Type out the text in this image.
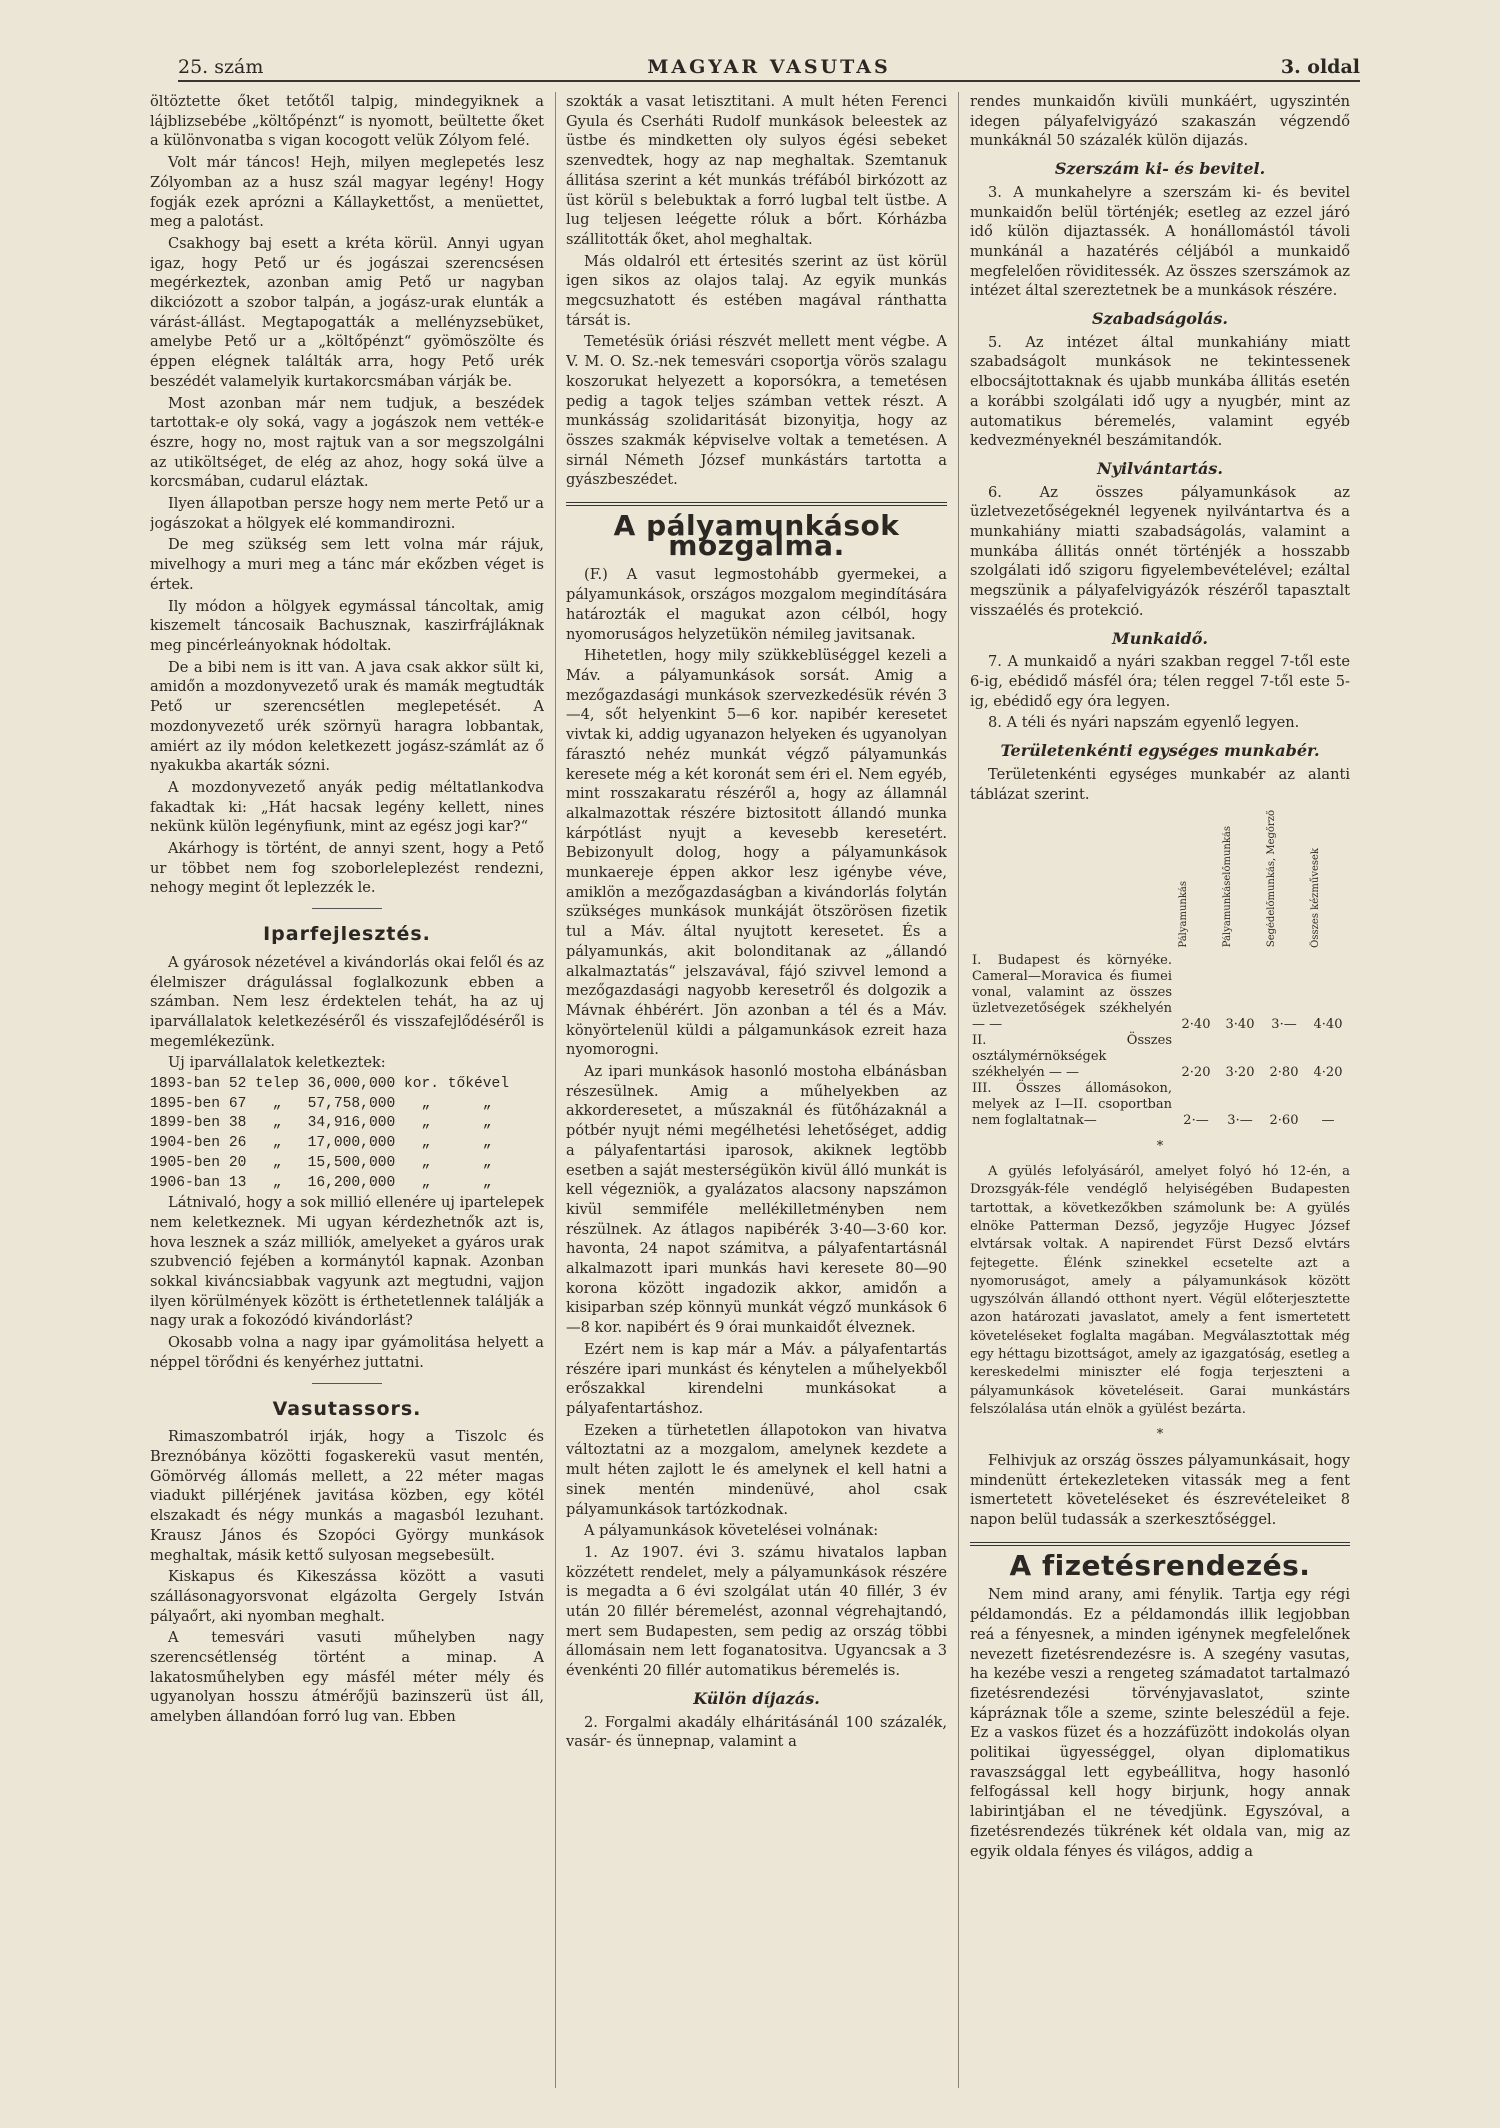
25. szám	MAGYAR VASUTAS	3. oldal

öltöztette őket tetőtől talpig, mindegyiknek a lájblizsebébe „költőpénzt“ is nyomott, beültette őket a különvonatba s vigan kocogott velük Zólyom felé.

Volt már táncos! Hejh, milyen meglepetés lesz Zólyomban az a husz szál magyar legény! Hogy fogják ezek aprózni a Kállaykettőst, a menüettet, meg a palotást.

Csakhogy baj esett a kréta körül. Annyi ugyan igaz, hogy Pető ur és jogászai szerencsésen megérkeztek, azonban amig Pető ur nagyban dikciózott a szobor talpán, a jogász-urak elunták a várást-állást. Megtapogatták a mellényzsebüket, amelybe Pető ur a „költőpénzt“ gyömöszölte és éppen elégnek találták arra, hogy Pető urék beszédét valamelyik kurtakorcsmában várják be.

Most azonban már nem tudjuk, a beszédek tartottak-e oly soká, vagy a jogászok nem vették-e észre, hogy no, most rajtuk van a sor megszolgálni az utiköltséget, de elég az ahoz, hogy soká ülve a korcsmában, cudarul eláztak.

Ilyen állapotban persze hogy nem merte Pető ur a jogászokat a hölgyek elé kommandirozni.

De meg szükség sem lett volna már rájuk, mivelhogy a muri meg a tánc már ekőzben véget is értek.

Ily módon a hölgyek egymással táncoltak, amig kiszemelt táncosaik Bachusznak, kaszirfrájláknak meg pincérleányoknak hódoltak.

De a bibi nem is itt van. A java csak akkor sült ki, amidőn a mozdonyvezető urak és mamák megtudták Pető ur szerencsétlen meglepetését. A mozdonyvezető urék szörnyü haragra lobbantak, amiért az ily módon keletkezett jogász-számlát az ő nyakukba akarták sózni.

A mozdonyvezető anyák pedig méltatlankodva fakadtak ki: „Hát hacsak legény kellett, nines nekünk külön legényfiunk, mint az egész jogi kar?“

Akárhogy is történt, de annyi szent, hogy a Pető ur többet nem fog szoborleleplezést rendezni, nehogy megint őt leplezzék le.

Iparfejlesztés.

A gyárosok nézetével a kivándorlás okai felől és az élelmiszer drágulással foglalkozunk ebben a számban. Nem lesz érdektelen tehát, ha az uj iparvállalatok keletkezéséről és visszafejlődéséről is megemlékezünk.

Uj iparvállalatok keletkeztek:

1893-ban 52 telep 36,000,000 kor. tőkével
1895-ben 67   „   57,758,000   „      „
1899-ben 38   „   34,916,000   „      „
1904-ben 26   „   17,000,000   „      „
1905-ben 20   „   15,500,000   „      „
1906-ban 13   „   16,200,000   „      „

Látnivaló, hogy a sok millió ellenére uj ipartelepek nem keletkeznek. Mi ugyan kérdezhetnők azt is, hova lesznek a száz milliók, amelyeket a gyáros urak szubvenció fejében a kormánytól kapnak. Azonban sokkal kiváncsiabbak vagyunk azt megtudni, vajjon ilyen körülmények között is érthetetlennek találják a nagy urak a fokozódó kivándorlást?

Okosabb volna a nagy ipar gyámolitása helyett a néppel törődni és kenyérhez juttatni.

Vasutassors.

Rimaszombatról irják, hogy a Tiszolc és Breznóbánya közötti fogaskerekü vasut mentén, Gömörvég állomás mellett, a 22 méter magas viadukt pillérjének javitása közben, egy kötél elszakadt és négy munkás a magasból lezuhant. Krausz János és Szopóci György munkások meghaltak, másik kettő sulyosan megsebesült.

Kiskapus és Kikeszássa között a vasuti szállásonagyorsvonat elgázolta Gergely István pályaőrt, aki nyomban meghalt.

A temesvári vasuti műhelyben nagy szerencsétlenség történt a minap. A lakatosműhelyben egy másfél méter mély és ugyanolyan hosszu átmérőjü bazinszerü üst áll, amelyben állandóan forró lug van. Ebben

szokták a vasat letisztitani. A mult héten Ferenci Gyula és Cserháti Rudolf munkások beleestek az üstbe és mindketten oly sulyos égési sebeket szenvedtek, hogy az nap meghaltak. Szemtanuk állitása szerint a két munkás tréfából birkózott az üst körül s belebuktak a forró lugbal telt üstbe. A lug teljesen leégette róluk a bőrt. Kórházba szállitották őket, ahol meghaltak.

Más oldalról ett értesités szerint az üst körül igen sikos az olajos talaj. Az egyik munkás megcsuzhatott és estében magával ránthatta társát is.

Temetésük óriási részvét mellett ment végbe. A V. M. O. Sz.-nek temesvári csoportja vörös szalagu koszorukat helyezett a koporsókra, a temetésen pedig a tagok teljes számban vettek részt. A munkásság szolidaritását bizonyitja, hogy az összes szakmák képviselve voltak a temetésen. A sirnál Németh József munkástárs tartotta a gyászbeszédet.

A pályamunkások mozgalma.

(F.) A vasut legmostohább gyermekei, a pályamunkások, országos mozgalom megindítására határozták el magukat azon célból, hogy nyomoruságos helyzetükön némileg javitsanak.

Hihetetlen, hogy mily szükkeblüséggel kezeli a Máv. a pályamunkások sorsát. Amig a mezőgazdasági munkások szervezkedésük révén 3—4, sőt helyenkint 5—6 kor. napibér keresetet vivtak ki, addig ugyanazon helyeken és ugyanolyan fárasztó nehéz munkát végző pályamunkás keresete még a két koronát sem éri el. Nem egyéb, mint rosszakaratu részéről a, hogy az államnál alkalmazottak részére biztositott állandó munka kárpótlást nyujt a kevesebb keresetért. Bebizonyult dolog, hogy a pályamunkások munkaereje éppen akkor lesz igénybe véve, amiklön a mezőgazdaságban a kivándorlás folytán szükséges munkások munkáját ötszörösen fizetik tul a Máv. által nyujtott keresetet. És a pályamunkás, akit bolonditanak az „állandó alkalmaztatás“ jelszavával, fájó szivvel lemond a mezőgazdasági nagyobb keresetről és dolgozik a Mávnak éhbérért. Jön azonban a tél és a Máv. könyörtelenül küldi a pálgamunkások ezreit haza nyomorogni.

Az ipari munkások hasonló mostoha elbánásban részesülnek. Amig a műhelyekben az akkorderesetet, a műszaknál és fütőházaknál a pótbér nyujt némi megélhetési lehetőséget, addig a pályafentartási iparosok, akiknek legtöbb esetben a saját mesterségükön kivül álló munkát is kell végezniök, a gyalázatos alacsony napszámon kivül semmiféle mellékilletményben nem részülnek. Az átlagos napibérék 3·40—3·60 kor. havonta, 24 napot számitva, a pályafentartásnál alkalmazott ipari munkás havi keresete 80—90 korona között ingadozik akkor, amidőn a kisiparban szép könnyü munkát végző munkások 6—8 kor. napibért és 9 órai munkaidőt élveznek.

Ezért nem is kap már a Máv. a pályafentartás részére ipari munkást és kénytelen a műhelyekből erőszakkal kirendelni munkásokat a pályafentartáshoz.

Ezeken a türhetetlen állapotokon van hivatva változtatni az a mozgalom, amelynek kezdete a mult héten zajlott le és amelynek el kell hatni a sinek mentén mindenüvé, ahol csak pályamunkások tartózkodnak.

A pályamunkások követelései volnának:

1. Az 1907. évi 3. számu hivatalos lapban közzétett rendelet, mely a pályamunkások részére is megadta a 6 évi szolgálat után 40 fillér, 3 év után 20 fillér béremelést, azonnal végrehajtandó, mert sem Budapesten, sem pedig az ország többi állomásain nem lett foganatositva. Ugyancsak a 3 évenkénti 20 fillér automatikus béremelés is.

Külön díjazás.

2. Forgalmi akadály elháritásánál 100 százalék, vasár- és ünnepnap, valamint a

rendes munkaidőn kivüli munkáért, ugyszintén idegen pályafelvigyázó szakaszán végzendő munkáknál 50 százalék külön dijazás.

Szerszám ki- és bevitel.

3. A munkahelyre a szerszám ki- és bevitel munkaidőn belül történjék; esetleg az ezzel járó idő külön dijaztassék. A honállomástól távoli munkánál a hazatérés céljából a munkaidő megfelelően röviditessék. Az összes szerszámok az intézet által szereztetnek be a munkások részére.

Szabadságolás.

5. Az intézet által munkahiány miatt szabadságolt munkások ne tekintessenek elbocsájtottaknak és ujabb munkába állitás esetén a korábbi szolgálati idő ugy a nyugbér, mint az automatikus béremelés, valamint egyéb kedvezményeknél beszámitandók.

Nyilvántartás.

6. Az összes pályamunkások az üzletvezetőségeknél legyenek nyilvántartva és a munkahiány miatti szabadságolás, valamint a munkába állitás onnét történjék a hosszabb szolgálati idő szigoru figyelembevételével; ezáltal megszünik a pályafelvigyázók részéről tapasztalt visszaélés és protekció.

Munkaidő.

7. A munkaidő a nyári szakban reggel 7-től este 6-ig, ebédidő másfél óra; télen reggel 7-től este 5-ig, ebédidő egy óra legyen.

8. A téli és nyári napszám egyenlő legyen.

Területenkénti egységes munkabér.

Területenkénti egységes munkabér az alanti táblázat szerint.

	Pályamunkás	Pályamunkáselőmunkás	Segédelőmunkás, Megőrző	Összes kézművesek
I. Budapest és környéke. Cameral—Moravica és fiumei vonal, valamint az összes üzletvezetőségek székhelyén — —	2·40	3·40	3·—	4·40
II. Összes osztálymérnökségek székhelyén — —	2·20	3·20	2·80	4·20
III. Összes állomásokon, melyek az I—II. csoportban nem foglaltatnak—	2·—	3·—	2·60	—
*

A gyülés lefolyásáról, amelyet folyó hó 12-én, a Drozsgyák-féle vendéglő helyiségében Budapesten tartottak, a következőkben számolunk be: A gyülés elnöke Patterman Dezső, jegyzője Hugyec József elvtársak voltak. A napirendet Fürst Dezső elvtárs fejtegette. Élénk szinekkel ecsetelte azt a nyomoruságot, amely a pályamunkások között ugyszólván állandó otthont nyert. Végül előterjesztette azon határozati javaslatot, amely a fent ismertetett követeléseket foglalta magában. Megválasztottak még egy héttagu bizottságot, amely az igazgatóság, esetleg a kereskedelmi miniszter elé fogja terjeszteni a pályamunkások követeléseit. Garai munkástárs felszólalása után elnök a gyülést bezárta.

*

Felhivjuk az ország összes pályamunkásait, hogy mindenütt értekezleteken vitassák meg a fent ismertetett követeléseket és észrevételeiket 8 napon belül tudassák a szerkesztőséggel.

A fizetésrendezés.

Nem mind arany, ami fénylik. Tartja egy régi példamondás. Ez a példamondás illik legjobban reá a fényesnek, a minden igénynek megfelelőnek nevezett fizetésrendezésre is. A szegény vasutas, ha kezébe veszi a rengeteg számadatot tartalmazó fizetésrendezési törvényjavaslatot, szinte kápráznak tőle a szeme, szinte beleszédül a feje. Ez a vaskos füzet és a hozzáfüzött indokolás olyan politikai ügyességgel, olyan diplomatikus ravaszsággal lett egybeállitva, hogy hasonló felfogással kell hogy birjunk, hogy annak labirintjában el ne tévedjünk. Egyszóval, a fizetésrendezés tükrének két oldala van, mig az egyik oldala fényes és világos, addig a
